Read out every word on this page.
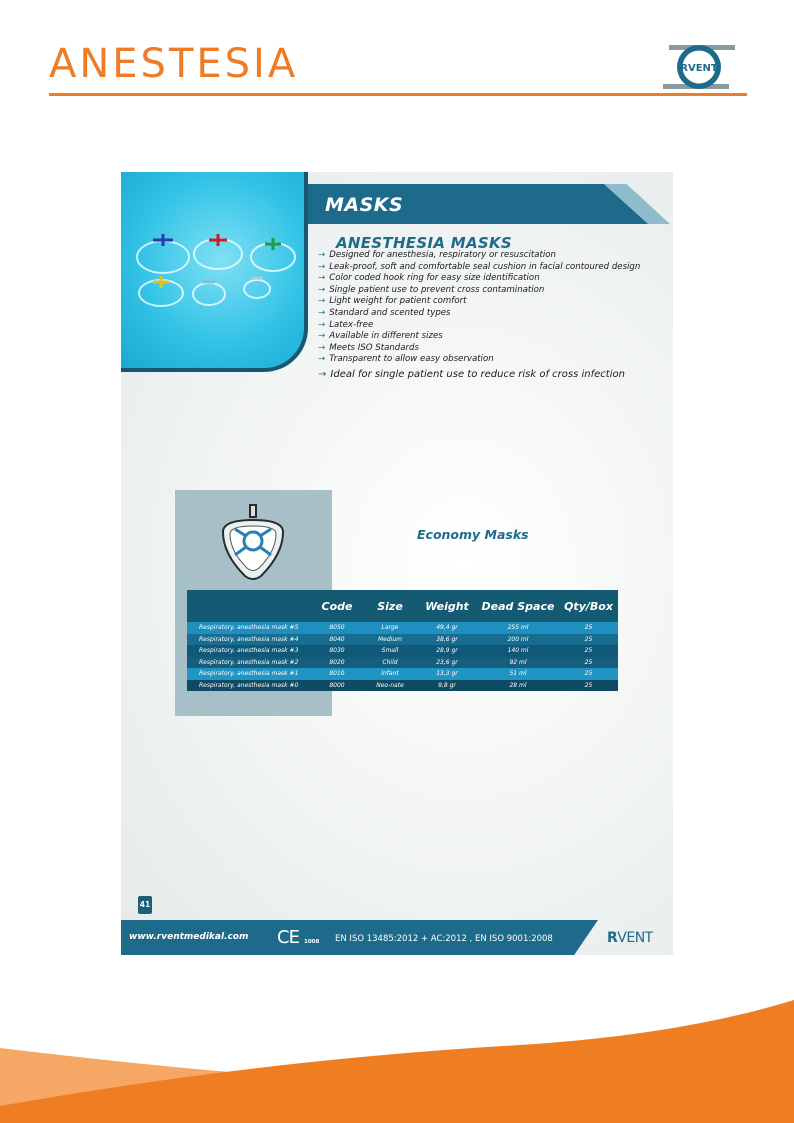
ANESTESIA	RVENT
MASKS
ANESTHESIA MASKS
→ Designed for anesthesia, respiratory or resuscitation
→ Leak-proof, soft and comfortable seal cushion in facial contoured design
→ Color coded hook ring for easy size identification
→ Single patient use to prevent cross contamination
→ Light weight for patient comfort
→ Standard and scented types
→ Latex-free
→ Available in different sizes
→ Meets ISO Standards
→ Transparent to allow easy observation
→ Ideal for single patient use to reduce risk of cross infection
Economy Masks
	Code	Size	Weight	Dead Space	Qty/Box
Respiratory, anesthesia mask #5	8050	Large	49,4 gr	255 ml	25
Respiratory, anesthesia mask #4	8040	Medium	38,6 gr	200 ml	25
Respiratory, anesthesia mask #3	8030	Small	28,9 gr	140 ml	25
Respiratory, anesthesia mask #2	8020	Child	23,6 gr	92 ml	25
Respiratory, anesthesia mask #1	8010	Infant	13,3 gr	51 ml	25
Respiratory, anesthesia mask #0	8000	Neo-nate	9,8 gr	28 ml	25
41
www.rventmedikal.com CE 1008 EN ISO 13485:2012 + AC:2012 , EN ISO 9001:2008	RVENT
